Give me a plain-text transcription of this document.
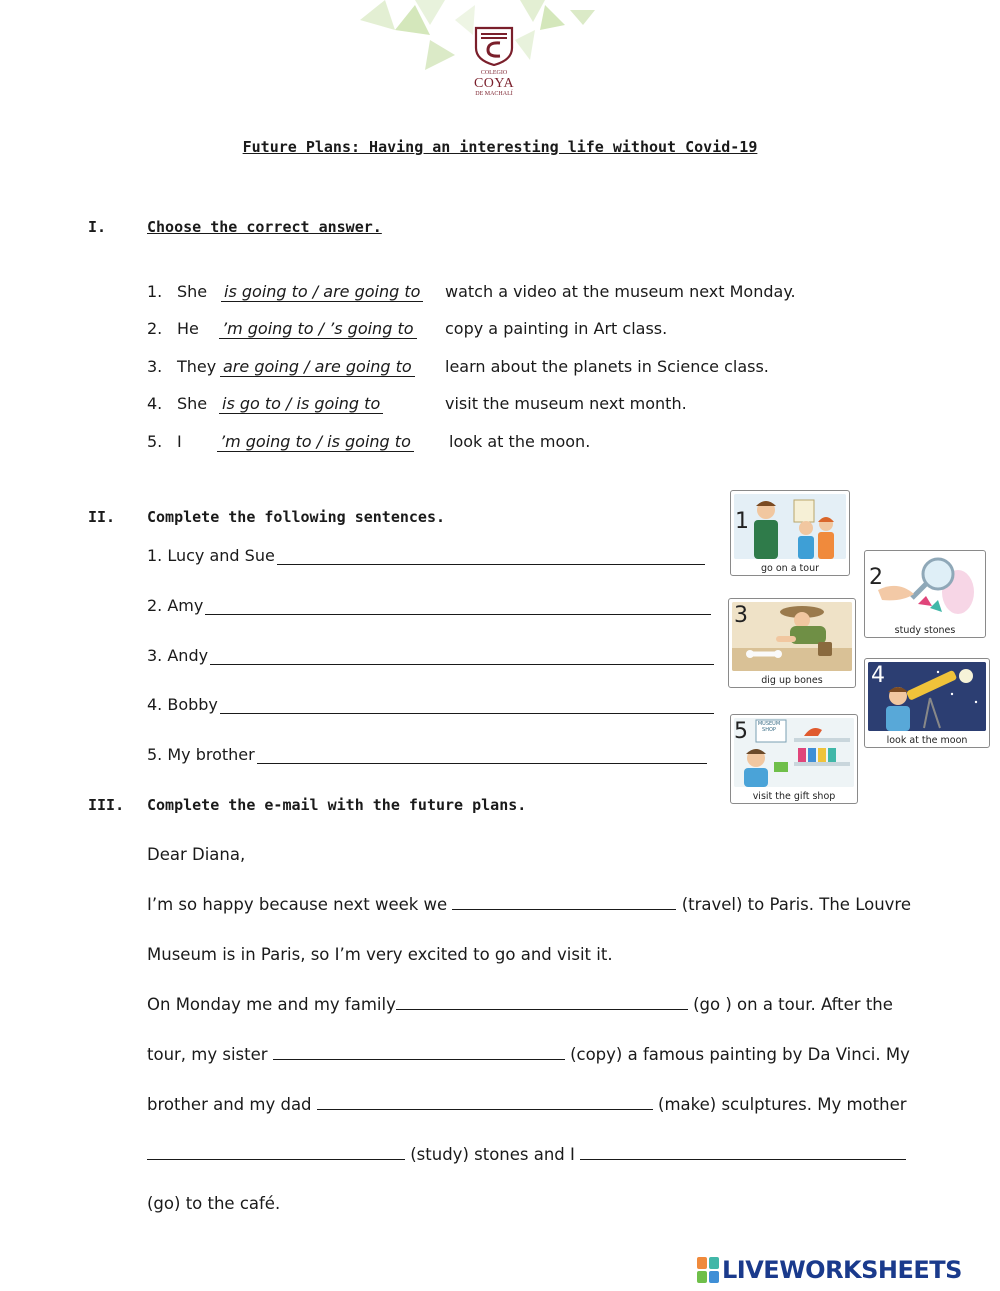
COLEGIO
COYA
DE MACHALÍ
Future Plans: Having an interesting life without Covid-19
I.	Choose the correct answer.
1. She is going to / are going to watch a video at the museum next Monday.
2. He ’m going to / ’s going to copy a painting in Art class.
3. They are going / are going to learn about the planets in Science class.
4. She is go to / is going to	visit the museum next month.
5. I ’m going to / is going to look at the moon.
II. Complete the following sentences.
1. Lucy and Sue
2. Amy
3. Andy
4. Bobby
5. My brother
1
go on a tour	2
study stones
3
dig up bones	4
look at the moon
MUSEUM SHOP
5
visit the gift shop
III. Complete the e-mail with the future plans.
Dear Diana,
I’m so happy because next week we	(travel) to Paris. The Louvre
Museum is in Paris, so I’m very excited to go and visit it.
On Monday me and my family	(go ) on a tour. After the
tour, my sister	(copy) a famous painting by Da Vinci. My
brother and my dad	(make) sculptures. My mother
(study) stones and I
(go) to the café.
LIVEWORKSHEETS
